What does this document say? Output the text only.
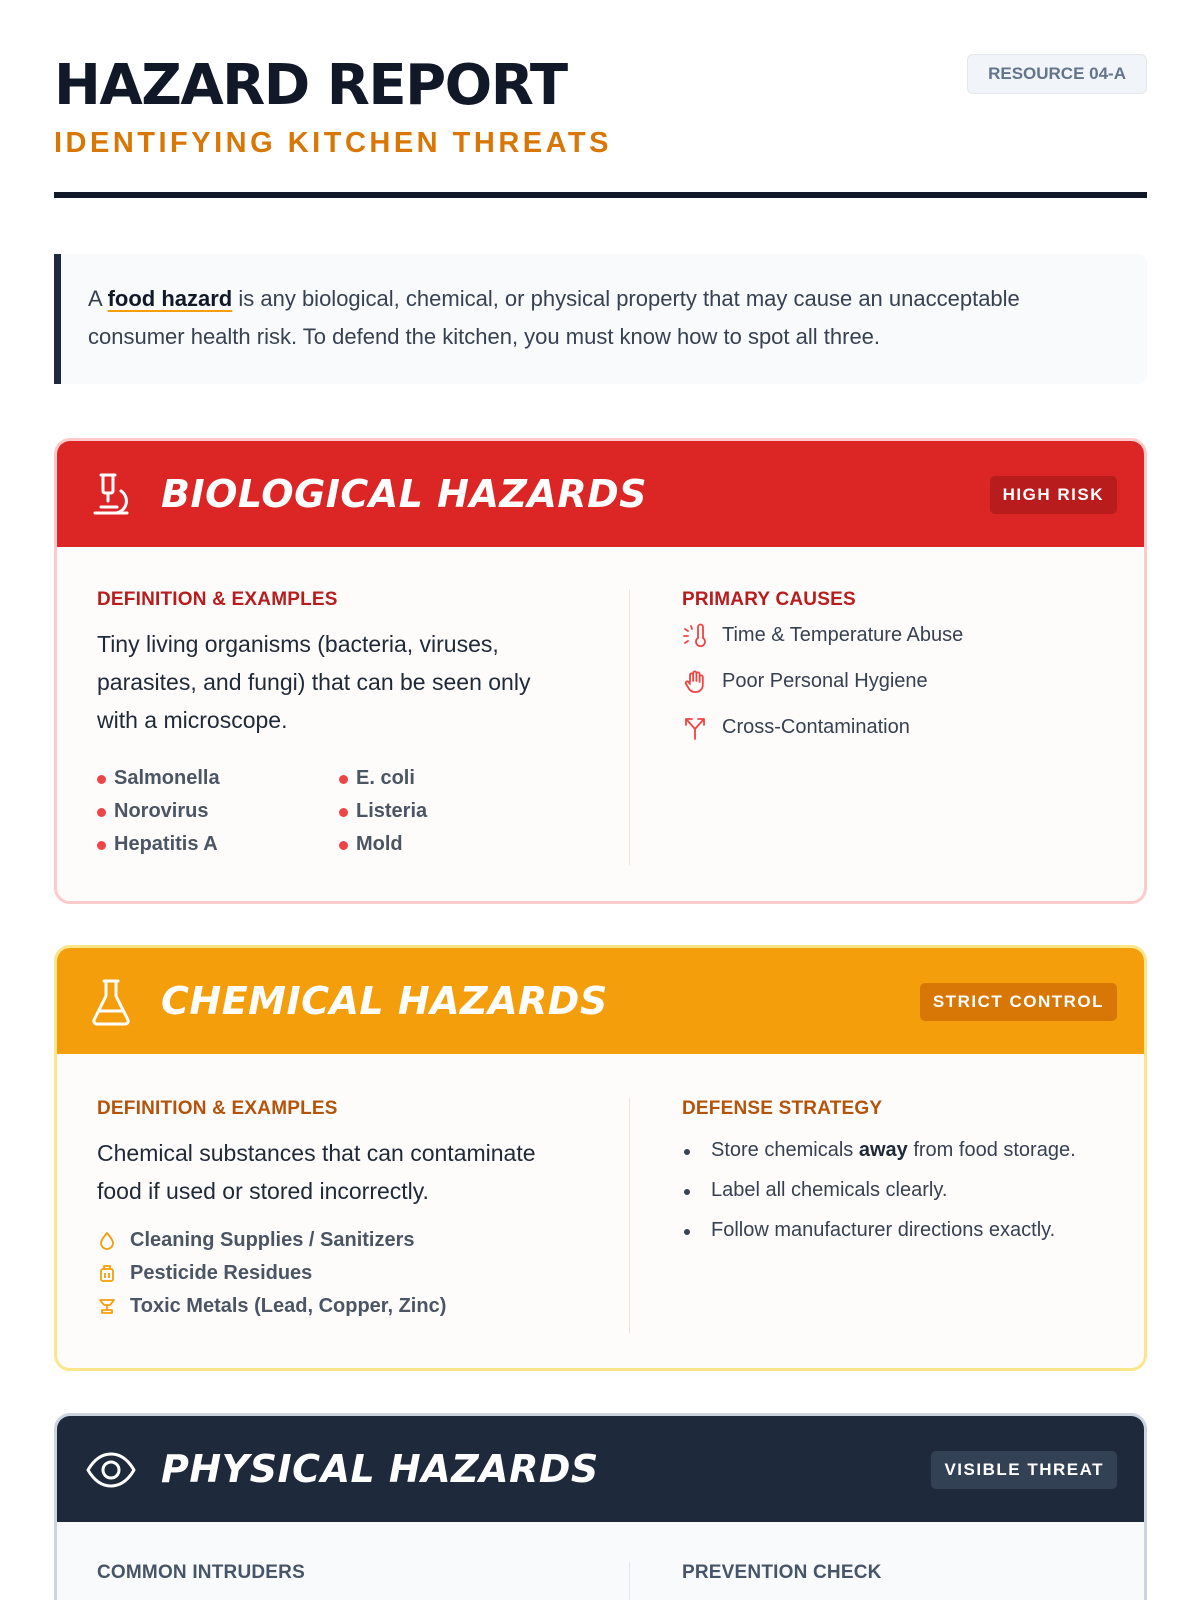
HAZARD REPORT
IDENTIFYING KITCHEN THREATS
RESOURCE 04-A
A food hazard is any biological, chemical, or physical property that may cause an unacceptable consumer health risk. To defend the kitchen, you must know how to spot all three.
BIOLOGICAL HAZARDS	HIGH RISK
DEFINITION & EXAMPLES
Tiny living organisms (bacteria, viruses, parasites, and fungi) that can be seen only with a microscope.
Salmonella
Norovirus
Hepatitis A
E. coli
Listeria
Mold
PRIMARY CAUSES
Time & Temperature Abuse
Poor Personal Hygiene
Cross-Contamination
CHEMICAL HAZARDS	STRICT CONTROL
DEFINITION & EXAMPLES
Chemical substances that can contaminate food if used or stored incorrectly.
Cleaning Supplies / Sanitizers
Pesticide Residues
Toxic Metals (Lead, Copper, Zinc)
DEFENSE STRATEGY
Store chemicals away from food storage.
Label all chemicals clearly.
Follow manufacturer directions exactly.
PHYSICAL HAZARDS	VISIBLE THREAT
COMMON INTRUDERS	PREVENTION CHECK
